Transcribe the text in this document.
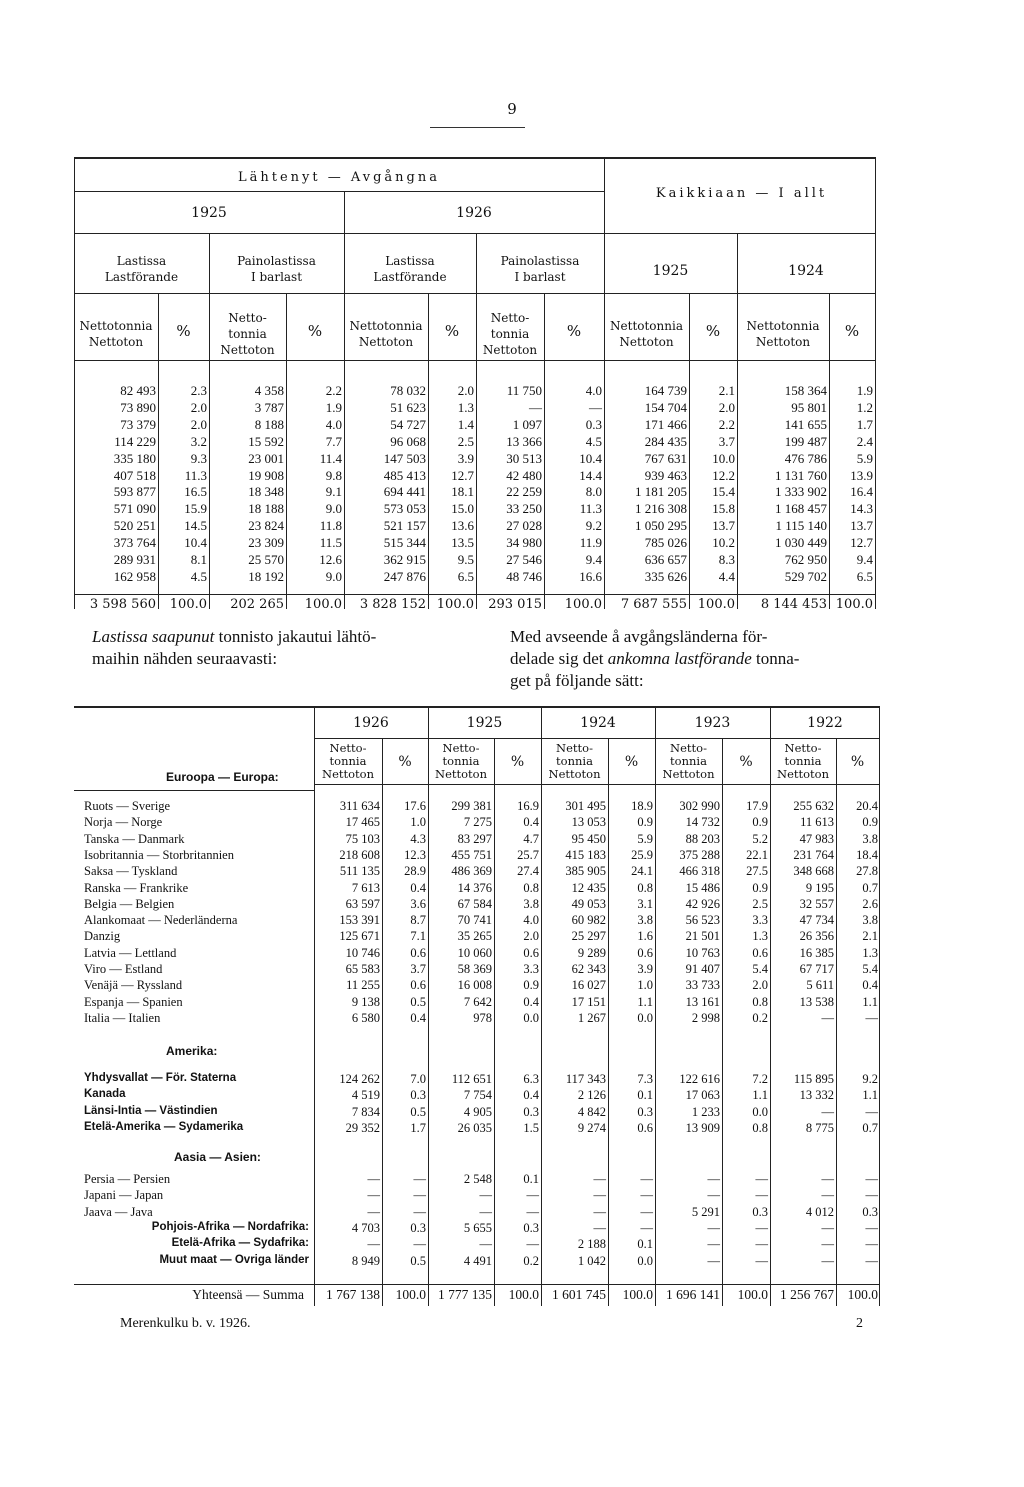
9
Lähtenyt — Avgångna
Kaikkiaan — I allt
1925	1926
Lastissa
Lastförande
Painolastissa
I barlast
Lastissa
Lastförande
Painolastissa
I barlast	1925	1924
Nettotonnia
Nettoton
%
Netto-
tonnia
Nettoton
%	Nettotonnia
Nettoton
%
Netto-
tonnia
Nettoton
%	Nettotonnia
Nettoton
%	Nettotonnia
Nettoton
%
82 493	2.3	4 358	2.2	78 032	2.0	11 750	4.0	164 739	2.1	158 364	1.9
73 890	2.0	3 787	1.9	51 623	1.3	—	—	154 704	2.0	95 801	1.2
73 379	2.0	8 188	4.0	54 727	1.4	1 097	0.3	171 466	2.2	141 655	1.7
114 229	3.2	15 592	7.7	96 068	2.5	13 366	4.5	284 435	3.7	199 487	2.4
335 180	9.3	23 001	11.4	147 503	3.9	30 513	10.4	767 631	10.0	476 786	5.9
407 518	11.3	19 908	9.8	485 413	12.7	42 480	14.4	939 463	12.2	1 131 760	13.9
593 877	16.5	18 348	9.1	694 441	18.1	22 259	8.0	1 181 205	15.4	1 333 902	16.4
571 090	15.9	18 188	9.0	573 053	15.0	33 250	11.3	1 216 308	15.8	1 168 457	14.3
520 251	14.5	23 824	11.8	521 157	13.6	27 028	9.2	1 050 295	13.7	1 115 140	13.7
373 764	10.4	23 309	11.5	515 344	13.5	34 980	11.9	785 026	10.2	1 030 449	12.7
289 931	8.1	25 570	12.6	362 915	9.5	27 546	9.4	636 657	8.3	762 950	9.4
162 958	4.5	18 192	9.0	247 876	6.5	48 746	16.6	335 626	4.4	529 702	6.5
3 598 560	100.0	202 265	100.0	3 828 152 100.0	293 015	100.0	7 687 555 100.0	8 144 453 100.0
Lastissa saapunut tonnisto jakautui lähtö-
maihin nähden seuraavasti:
Med avseende å avgångsländerna för-
delade sig det ankomna lastförande tonna-
get på följande sätt:
1926	1925	1924	1923	1922
Netto-
tonnia
Nettoton
%
Netto-
tonnia
Nettoton
%
Netto-
tonnia
Nettoton
%
Netto-
tonnia
Nettoton
%
Netto-
tonnia
Nettoton
%
Euroopa — Europa:
Amerika:
Aasia — Asien:
Ruots — Sverige	311 634	17.6	299 381	16.9	301 495	18.9	302 990	17.9	255 632	20.4
Norja — Norge	17 465	1.0	7 275	0.4	13 053	0.9	14 732	0.9	11 613	0.9
Tanska — Danmark	75 103	4.3	83 297	4.7	95 450	5.9	88 203	5.2	47 983	3.8
Isobritannia — Storbritannien	218 608	12.3	455 751	25.7	415 183	25.9	375 288	22.1	231 764	18.4
Saksa — Tyskland	511 135	28.9	486 369	27.4	385 905	24.1	466 318	27.5	348 668	27.8
Ranska — Frankrike	7 613	0.4	14 376	0.8	12 435	0.8	15 486	0.9	9 195	0.7
Belgia — Belgien	63 597	3.6	67 584	3.8	49 053	3.1	42 926	2.5	32 557	2.6
Alankomaat — Nederländerna	153 391	8.7	70 741	4.0	60 982	3.8	56 523	3.3	47 734	3.8
Danzig	125 671	7.1	35 265	2.0	25 297	1.6	21 501	1.3	26 356	2.1
Latvia — Lettland	10 746	0.6	10 060	0.6	9 289	0.6	10 763	0.6	16 385	1.3
Viro — Estland	65 583	3.7	58 369	3.3	62 343	3.9	91 407	5.4	67 717	5.4
Venäjä — Ryssland	11 255	0.6	16 008	0.9	16 027	1.0	33 733	2.0	5 611	0.4
Espanja — Spanien	9 138	0.5	7 642	0.4	17 151	1.1	13 161	0.8	13 538	1.1
Italia — Italien	6 580	0.4	978	0.0	1 267	0.0	2 998	0.2	—	—
Yhdysvallat — För. Staterna	124 262	7.0	112 651	6.3	117 343	7.3	122 616	7.2	115 895	9.2
Kanada	4 519	0.3	7 754	0.4	2 126	0.1	17 063	1.1	13 332	1.1
Länsi-Intia — Västindien	7 834	0.5	4 905	0.3	4 842	0.3	1 233	0.0	—	—
Etelä-Amerika — Sydamerika	29 352	1.7	26 035	1.5	9 274	0.6	13 909	0.8	8 775	0.7
Persia — Persien	—	—	2 548	0.1	—	—	—	—	—	—
Japani — Japan	—	—	—	—	—	—	—	—	—	—
Jaava — Java	—	—	—	—	—	—	5 291	0.3	4 012	0.3
Pohjois-Afrika — Nordafrika:	4 703	0.3	5 655	0.3	—	—	—	—	—	—
Etelä-Afrika — Sydafrika:	—	—	—	—	2 188	0.1	—	—	—	—
Muut maat — Övriga länder	8 949	0.5	4 491	0.2	1 042	0.0	—	—	—	—
Yhteensä — Summa	1 767 138	100.0 1 777 135	100.0 1 601 745	100.0 1 696 141	100.0 1 256 767	100.0
Merenkulku b. v. 1926.	2
